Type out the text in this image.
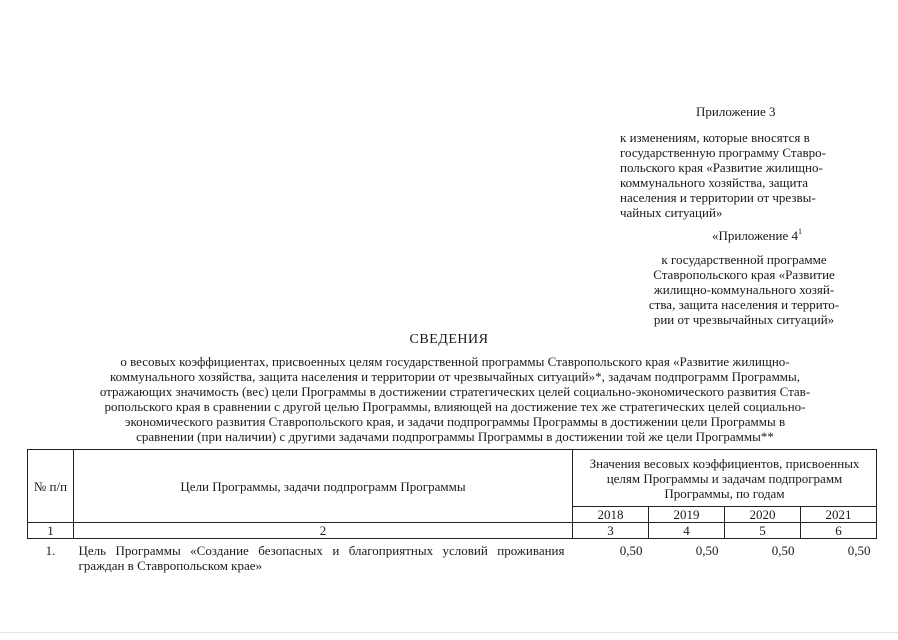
Приложение 3
к изменениям, которые вносятся в
государственную программу Ставро-
польского края «Развитие жилищно-
коммунального хозяйства, защита
населения и территории от чрезвы-
чайных ситуаций»
«Приложение $4^1$
к государственной программе
Ставропольского края «Развитие
жилищно-коммунального хозяй-
ства, защита населения и террито-
рии от чрезвычайных ситуаций»
СВЕДЕНИЯ
о весовых коэффициентах, присвоенных целям государственной программы Ставропольского края «Развитие жилищно-
коммунального хозяйства, защита населения и территории от чрезвычайных ситуаций»*, задачам подпрограмм Программы,
отражающих значимость (вес) цели Программы в достижении стратегических целей социально-экономического развития Став-
ропольского края в сравнении с другой целью Программы, влияющей на достижение тех же стратегических целей социально-
экономического развития Ставропольского края, и задачи подпрограммы Программы в достижении цели Программы в
сравнении (при наличии) с другими задачами подпрограммы Программы в достижении той же цели Программы**
№ п/п	Цели Программы, задачи подпрограмм Программы	Значения весовых коэффициентов, присвоенных целям Программы и задачам подпрограмм Программы, по годам			
		2018	2019	2020	2021
1	2	3	4	5	6
1.	Цель Программы «Создание безопасных и благоприятных условий проживания граждан в Ставропольском крае»	0,50	0,50	0,50	0,50
